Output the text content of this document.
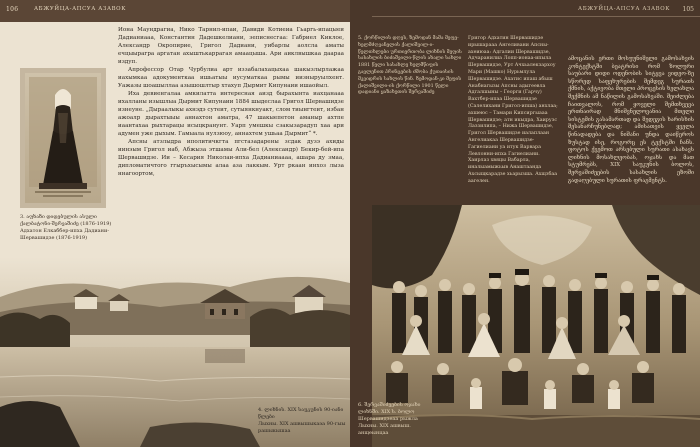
106	АБЖУЙЦА-АПСУА АЗАВОК

Иона Маундрагиа, Нико Тарнил-ипаи, Давиди Котиеиа Гьаргь-ипацыеи Дадианиааа, Константин Дадешкелиани, зеписнесгаа: Габриел Киклое, Александр Окропирие, Григол Дадиани, уибарлы аолсла аматы ечцыырагра аргатан ахыштькаррагая амаацыша. Ари аиклвышкаа даараа издуп.

Апрофессор Отар Чурбулиа арт иззабалахацыхаа шакызлырлажаа иахымкаа адокументкаа ишьатыы иусуматкаа рымы иизныруылхент. Уажазы шоашыллаа азышошлтыр хтахуп Дырмит Кипунаии ишаойыл.

Иха девиенгалаа амкилатта интересная аизд бырахынта иахцанааа ихалланы изышлыа Дырмит Кипунаии 1884 шыдеслаа Григол Шервашидзе изнеуне. „Дыраалыкы ахнэдэ сутеит, сутыянкнуакт, слом тиынгтеит, избан ажоалр дырахтыыы аннахтон аматра, 47 шакыепетон аманыр ахтпе иаантахаа рыхтарацы исыцкранунт. Уарп умешкы сзакызарадуп хаа ари адумен уже дыхым. Гамыала нулзюоу, аннахтем ушьаа Дырмит“ *.

Апсны атзлыдра иполитичкгта пгстазадарены зсдак дузэ ахиды иинэым Григол иаб, Абжыза этшамы Али-бел (Александр) Бекир-бей-ипа Шервашидзе. Ии – Кесария Николаи-ипха Дадианиаааа, ашара ду змаа, дипломатичтого ггыръхысымы алаа аза лаккым. Урт ркаан инхоз лыза ннагоортом,

3. აფხაზი დიდებულის ასული
ქალბატონი-შერვაშიძე (1876-1919)
Адхатон Елкаббер-ипха Дадиани-
Шервашидзе (1876-1919)
4. ლიხნის. XIX საუკუნის 90-იანი წლები
Лыхны. XIX ашвышыкаэа 90-гыы рашыкышаа
АБЖУЙЦА-АПСУА АЗАВОК 105
5. ქორწილის დღეს, ზემოდან მამა მეფე-ხელმძღვანელის ქალიშვილ-ი-წელთხლები ურთიერთობა ლიხნის მეფის სასახლის ბიძაშვილი-წლის ახალი სახლი 1881 წელი სასახლე ხელმწიფის გავლენით პრინცების ძმობა ქუთაისის მკვიდრის სახლის წინ. ზემოდან-კი მეფის ქალიშვილი-ის ქორწილი 1901 წელი დადიანი ყაზახეთის შერვაშიძე
Григор Адхатин Шервашидзе ирышарааа Ангеливани Апсны-ахеиюаа: Адгалии Шервашидзе, Адчаранилиа Лопп-ионаа-ипыла Шервашидзе, Урт Ачхьалекзархоу Мари (Машко) Нурьмлула Шервашидзе. Ахатис ипаш абыш Анабнагызы Апсны адыгеевла Адгалшыны – Георги (Гарчу) Вахтбер-ипаа Шервашидзе (Салелихани Григол-ипша) анхлаа; ахшеюс – Тамари Кипсиргыааа Шервашидзе; атн икыдра, Хаирузс Лаззилипа, – Нижа Шервашидзе, Григол Шервашидзе иалаплаан Ангелиакаа Шервашидзе-Гагиелиани уа итук Варвара Левлонни-ипха Гагиелиани. Хаирлаз хвяцы Вабарла, иналыамыжьыв Анаштаанда Ахсыщкарадзе хьарызша. Ахщзбаа аагелен.
ამოცანის ერთი მოსუუნიშელი გამოსახვის კონტექსტში ბეატრისი რომ ზოლური საუბარი დიდი ოდენობის სიტყვა ვიდეო-ზე სწორედ საფეხურების შემდეგ სურათს ქმნის, აქტივობა მთელი პროცესის ხელახლა შექმნის ამ ნაწილის გამოსახვაში. შეიძლება ჩაითვალოს, რომ ყოველი შემთხვევა ერთნაირად მნიშვნელოვანია მთელი სისტემის გასამართად და შედეგის ხარისხის შესანარჩუნებლად; ამისათვის ყველა წინადადება და ნიშანი უნდა დაიწეროს ზუსტად ისე, როგორც ეს ტექსტში ჩანს. ფოტოს ქვემოთ არსებული სურათი ასახავს ლიხნის მოსახლეობას, ოჯახს და მათ სტუმრებს, XIX საუკუნის ბოლოს, შერვაშიძეების სასახლის ეზოში გადაღებული სურათის ფრაგმენტს.
6. შერვაშიძეების ოჯახი
ლიხნში. XIX ს. ბოლო
Шервашидзеаа рыжла
Лыхны. XIX ашвыш. анщеынцаа
